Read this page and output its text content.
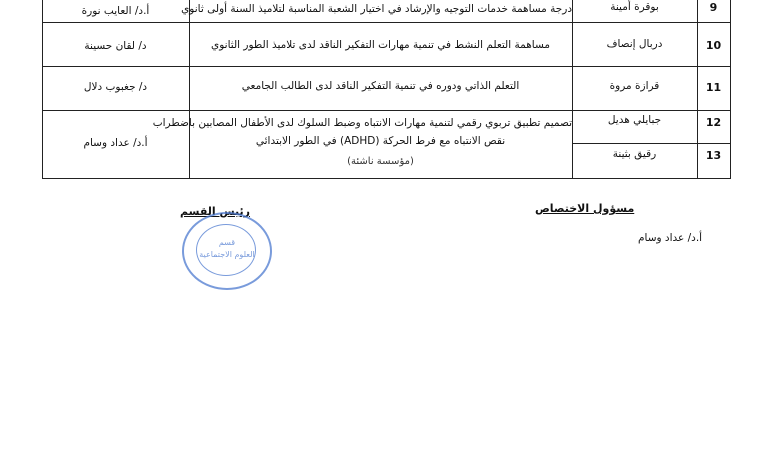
9
بوقرة أمينة
درجة مساهمة خدمات التوجيه والإرشاد في اختيار الشعبة المناسبة لتلاميذ السنة أولى ثانوي
أ.د/ العايب نورة
10
دربال إنصاف
مساهمة التعلم النشط في تنمية مهارات التفكير الناقد لدى تلاميذ الطور الثانوي
د/ لقان حسينة
11
قرازة مروة
التعلم الذاتي ودوره في تنمية التفكير الناقد لدى الطالب الجامعي
د/ جغبوب دلال
12
جبايلي هديل
تصميم تطبيق تربوي رقمي لتنمية مهارات الانتباه وضبط السلوك لدى الأطفال المصابين باضطراب
نقص الانتباه مع فرط الحركة (ADHD) في الطور الابتدائي
أ.د/ عداد وسام
13
رقيق بثينة
(مؤسسة ناشئة)
مسؤول الاختصاص
أ.د/ عداد وسام
رئيس القسم
قسم
العلوم الاجتماعية
